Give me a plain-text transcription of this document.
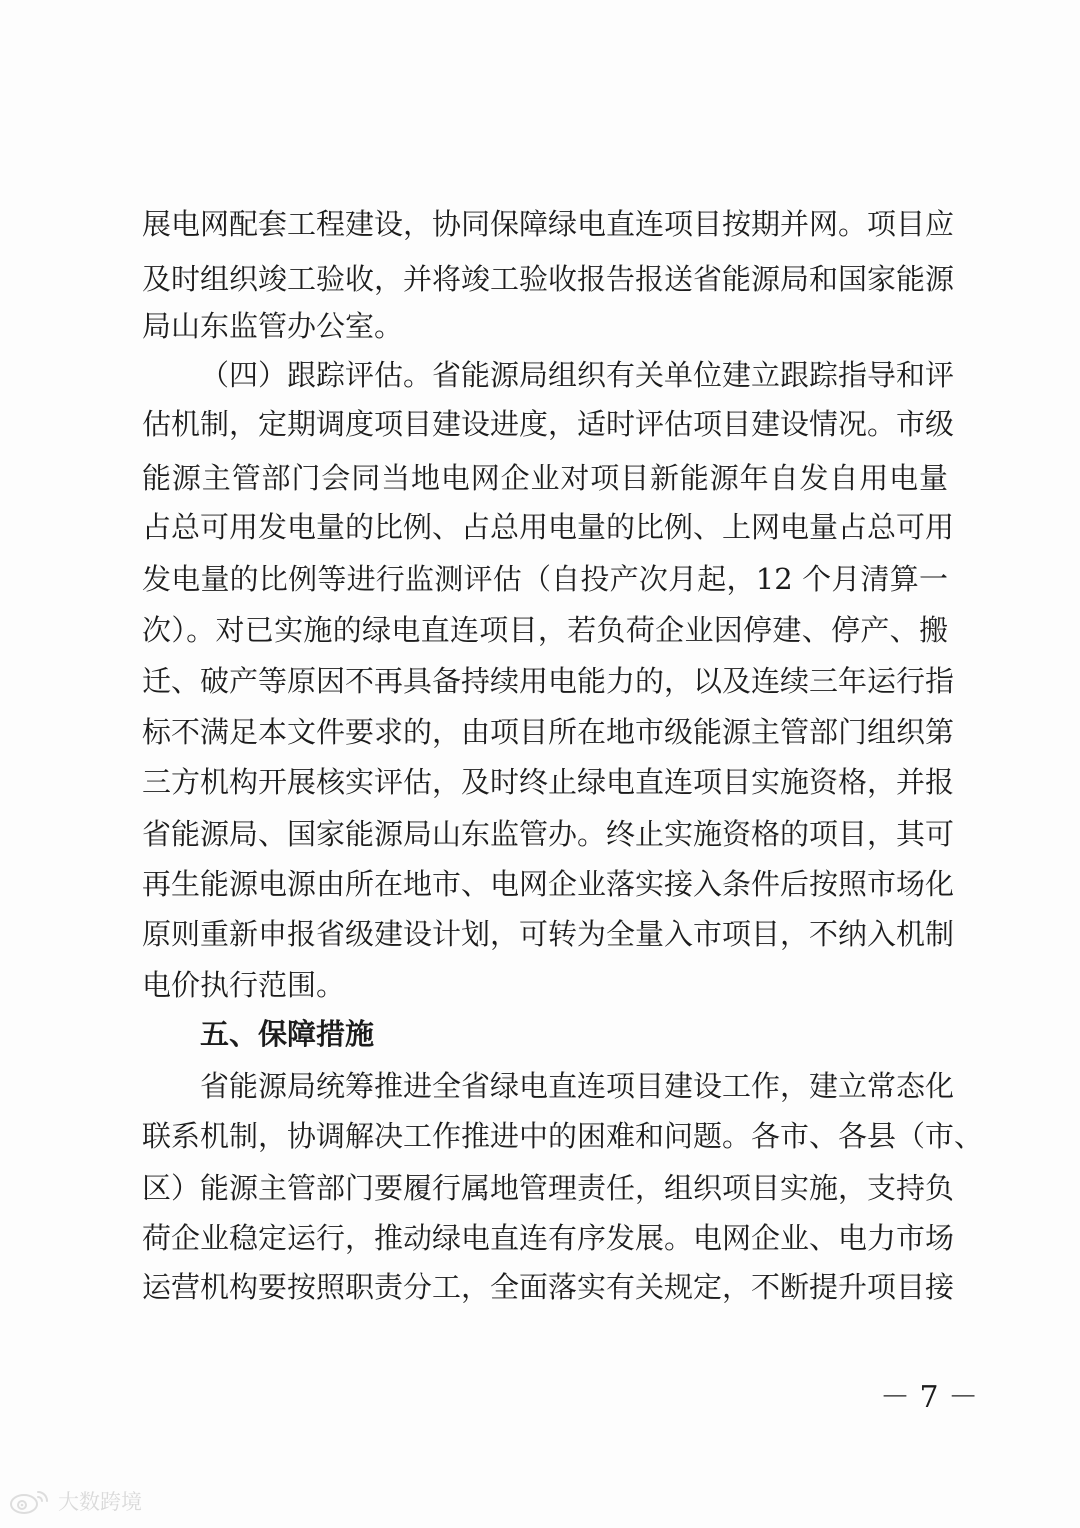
展电网配套工程建设，协同保障绿电直连项目按期并网。项目应
及时组织竣工验收，并将竣工验收报告报送省能源局和国家能源
局山东监管办公室。
（四）跟踪评估。省能源局组织有关单位建立跟踪指导和评
估机制，定期调度项目建设进度，适时评估项目建设情况。市级
能源主管部门会同当地电网企业对项目新能源年自发自用电量
占总可用发电量的比例、占总用电量的比例、上网电量占总可用
发电量的比例等进行监测评估（自投产次月起，12 个月清算一
次）。对已实施的绿电直连项目，若负荷企业因停建、停产、搬
迁、破产等原因不再具备持续用电能力的，以及连续三年运行指
标不满足本文件要求的，由项目所在地市级能源主管部门组织第
三方机构开展核实评估，及时终止绿电直连项目实施资格，并报
省能源局、国家能源局山东监管办。终止实施资格的项目，其可
再生能源电源由所在地市、电网企业落实接入条件后按照市场化
原则重新申报省级建设计划，可转为全量入市项目，不纳入机制
电价执行范围。
五、保障措施
省能源局统筹推进全省绿电直连项目建设工作，建立常态化
联系机制，协调解决工作推进中的困难和问题。各市、各县（市、
区）能源主管部门要履行属地管理责任，组织项目实施，支持负
荷企业稳定运行，推动绿电直连有序发展。电网企业、电力市场
运营机构要按照职责分工，全面落实有关规定，不断提升项目接
－ 7 －
大数跨境
